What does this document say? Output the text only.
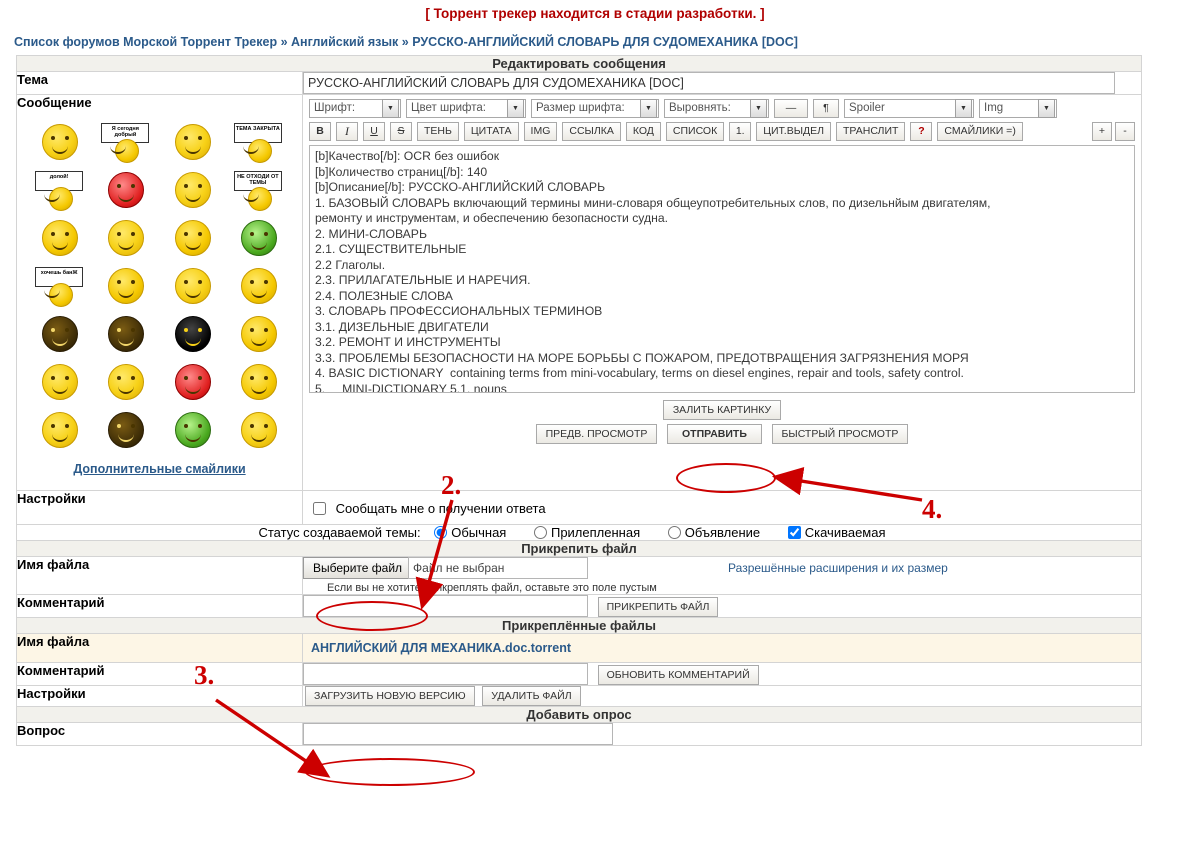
[ Торрент трекер находится в стадии разработки. ]
Список форумов Морской Торрент Трекер » Английский язык » РУССКО-АНГЛИЙСКИЙ СЛОВАРЬ ДЛЯ СУДОМЕХАНИКА [DOC]
Редактировать сообщения	
Тема	РУССКО-АНГЛИЙСКИЙ СЛОВАРЬ ДЛЯ СУДОМЕХАНИКА [DOC]

Сообщение
Я сегодня добрый
ТЕМА ЗАКРЫТА
долой!	НЕ ОТХОДИ ОТ ТЕМЫ
хочешь банЖ
Дополнительные смайлики

Шрифт:	▼	Цвет шрифта:	▼	Размер шрифта:	▼	Выровнять:	▼	—	¶	Spoiler	▼	Img	▼
B	I	U	S	ТЕНЬ	ЦИТАТА	IMG	ССЫЛКА	КОД	СПИСОК	1.	ЦИТ.ВЫДЕЛ	ТРАНСЛИТ	?	СМАЙЛИКИ =)	+	-
[b]Качество[/b]: OCR без ошибок [b]Количество страниц[/b]: 140 [b]Описание[/b]: РУССКО-АНГЛИЙСКИЙ СЛОВАРЬ 1. БАЗОВЫЙ СЛОВАРЬ включающий термины мини-словаря общеупотребительных слов, по дизельнйым двигателям, ремонту и инструментам, и обеспечению безопасности судна. 2. МИНИ-СЛОВАРЬ 2.1. СУЩЕСТВИТЕЛЬНЫЕ 2.2 Глаголы. 2.3. ПРИЛАГАТЕЛЬНЫЕ И НАРЕЧИЯ. 2.4. ПОЛЕЗНЫЕ СЛОВА 3. СЛОВАРЬ ПРОФЕССИОНАЛЬНЫХ ТЕРМИНОВ 3.1. ДИЗЕЛЬНЫЕ ДВИГАТЕЛИ 3.2. РЕМОНТ И ИНСТРУМЕНТЫ 3.3. ПРОБЛЕМЫ БЕЗОПАСНОСТИ НА МОРЕ БОРЬБЫ С ПОЖАРОМ, ПРЕДОТВРАЩЕНИЯ ЗАГРЯЗНЕНИЯ МОРЯ 4. BASIC DICTIONARY containing terms from mini-vocabulary, terms on diesel engines, repair and tools, safety control. 5. MINI-DICTIONARY 5.1. nouns 5.2. VERBS 5.3. CHARACTERISTICS
ЗАЛИТЬ КАРТИНКУ
ПРЕДВ. ПРОСМОТР	ОТПРАВИТЬ	БЫСТРЫЙ ПРОСМОТР

Настройки	Сообщать мне о получении ответа

Статус создаваемой темы: Обычная Прилепленная Объявление Скачиваемая	
Прикрепить файл	
Имя файла	Выберите файл Файл не выбран Разрешённые расширения и их размер
Если вы не хотите прикреплять файл, оставьте это поле пустым

Комментарий	ПРИКРЕПИТЬ ФАЙЛ
Прикреплённые файлы	
Имя файла	АНГЛИЙСКИЙ ДЛЯ МЕХАНИКА.doc.torrent

Комментарий	ОБНОВИТЬ КОММЕНТАРИЙ
Настройки	ЗАГРУЗИТЬ НОВУЮ ВЕРСИЮ УДАЛИТЬ ФАЙЛ
Добавить опрос	
Вопрос	
2.
3.
4.
